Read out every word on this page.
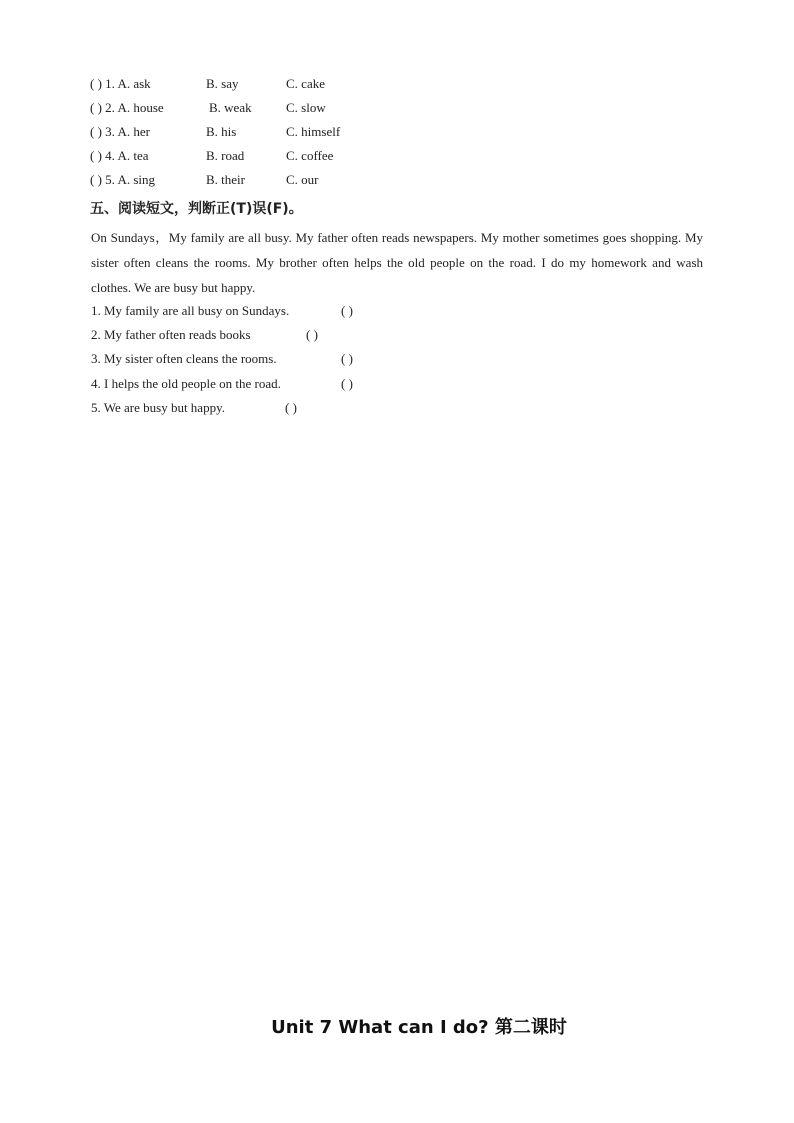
( ) 1. A. ask	B. say	C. cake
( ) 2. A. house	B. weak	C. slow
( ) 3. A. her	B. his	C. himself
( ) 4. A. tea	B. road	C. coffee
( ) 5. A. sing	B. their	C. our
五、阅读短文，判断正(T)误(F)。

On Sundays，My family are all busy. My father often reads newspapers. My mother sometimes goes shopping. My sister often cleans the rooms. My brother often helps the old people on the road. I do my homework and wash clothes. We are busy but happy.

1. My family are all busy on Sundays.	( )
2. My father often reads books	( )
3. My sister often cleans the rooms.	( )
4. I helps the old people on the road.	( )
5. We are busy but happy.	( )
Unit 7 What can I do? 第二课时
